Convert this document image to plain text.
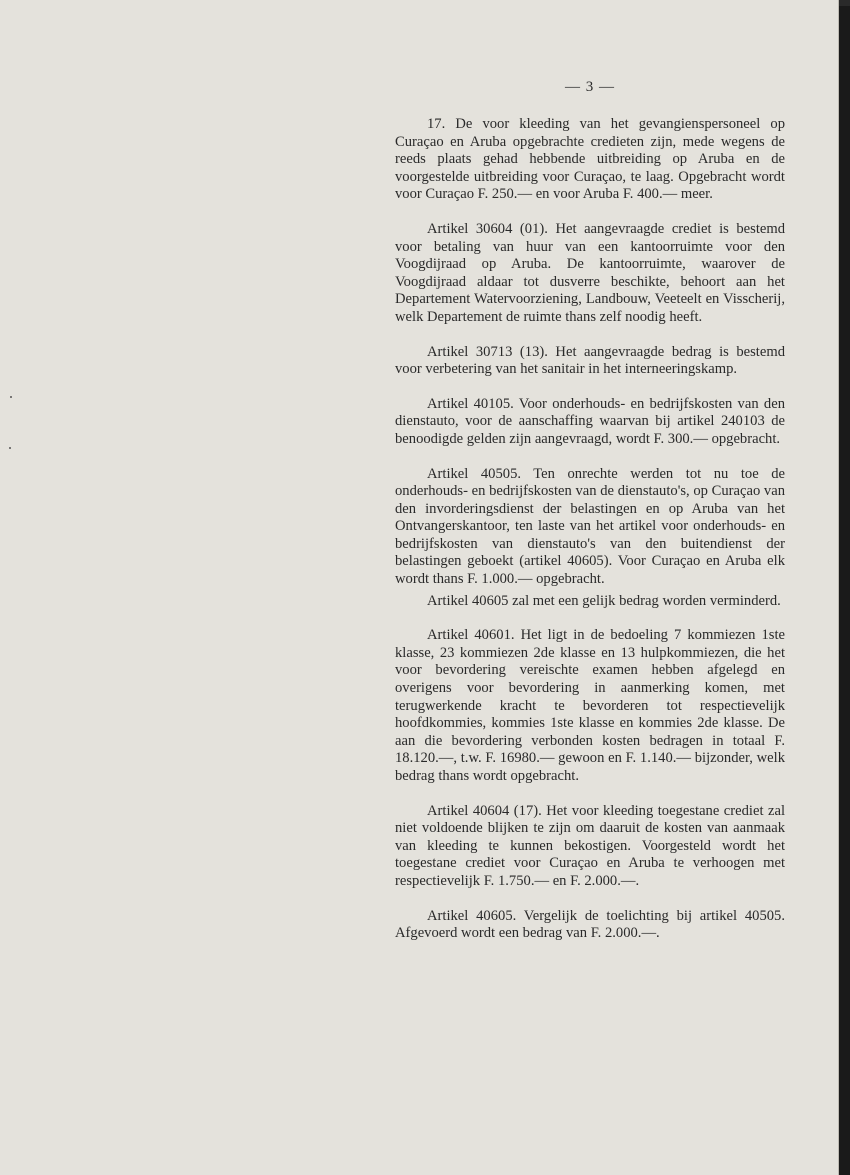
— 3 —

17. De voor kleeding van het gevangienspersoneel op Curaçao en Aruba opgebrachte credieten zijn, mede wegens de reeds plaats gehad hebbende uitbreiding op Aruba en de voorgestelde uitbreiding voor Curaçao, te laag. Opgebracht wordt voor Curaçao F. 250.— en voor Aruba F. 400.— meer.

Artikel 30604 (01). Het aangevraagde crediet is bestemd voor betaling van huur van een kantoorruimte voor den Voogdijraad op Aruba. De kantoorruimte, waarover de Voogdijraad aldaar tot dusverre beschikte, behoort aan het Departement Watervoorziening, Landbouw, Veeteelt en Visscherij, welk Departement de ruimte thans zelf noodig heeft.

Artikel 30713 (13). Het aangevraagde bedrag is bestemd voor verbetering van het sanitair in het interneeringskamp.

Artikel 40105. Voor onderhouds- en bedrijfskosten van den dienstauto, voor de aanschaffing waarvan bij artikel 240103 de benoodigde gelden zijn aangevraagd, wordt F. 300.— opgebracht.

Artikel 40505. Ten onrechte werden tot nu toe de onderhouds- en bedrijfskosten van de dienstauto's, op Curaçao van den invorderingsdienst der belastingen en op Aruba van het Ontvangerskantoor, ten laste van het artikel voor onderhouds- en bedrijfskosten van dienstauto's van den buitendienst der belastingen geboekt (artikel 40605). Voor Curaçao en Aruba elk wordt thans F. 1.000.— opgebracht.

Artikel 40605 zal met een gelijk bedrag worden verminderd.

Artikel 40601. Het ligt in de bedoeling 7 kommiezen 1ste klasse, 23 kommiezen 2de klasse en 13 hulpkommiezen, die het voor bevordering vereischte examen hebben afgelegd en overigens voor bevordering in aanmerking komen, met terugwerkende kracht te bevorderen tot respectievelijk hoofdkommies, kommies 1ste klasse en kommies 2de klasse. De aan die bevordering verbonden kosten bedragen in totaal F. 18.120.—, t.w. F. 16980.— gewoon en F. 1.140.— bijzonder, welk bedrag thans wordt opgebracht.

Artikel 40604 (17). Het voor kleeding toegestane crediet zal niet voldoende blijken te zijn om daaruit de kosten van aanmaak van kleeding te kunnen bekostigen. Voorgesteld wordt het toegestane crediet voor Curaçao en Aruba te verhoogen met respectievelijk F. 1.750.— en F. 2.000.—.

Artikel 40605. Vergelijk de toelichting bij artikel 40505. Afgevoerd wordt een bedrag van F. 2.000.—.
